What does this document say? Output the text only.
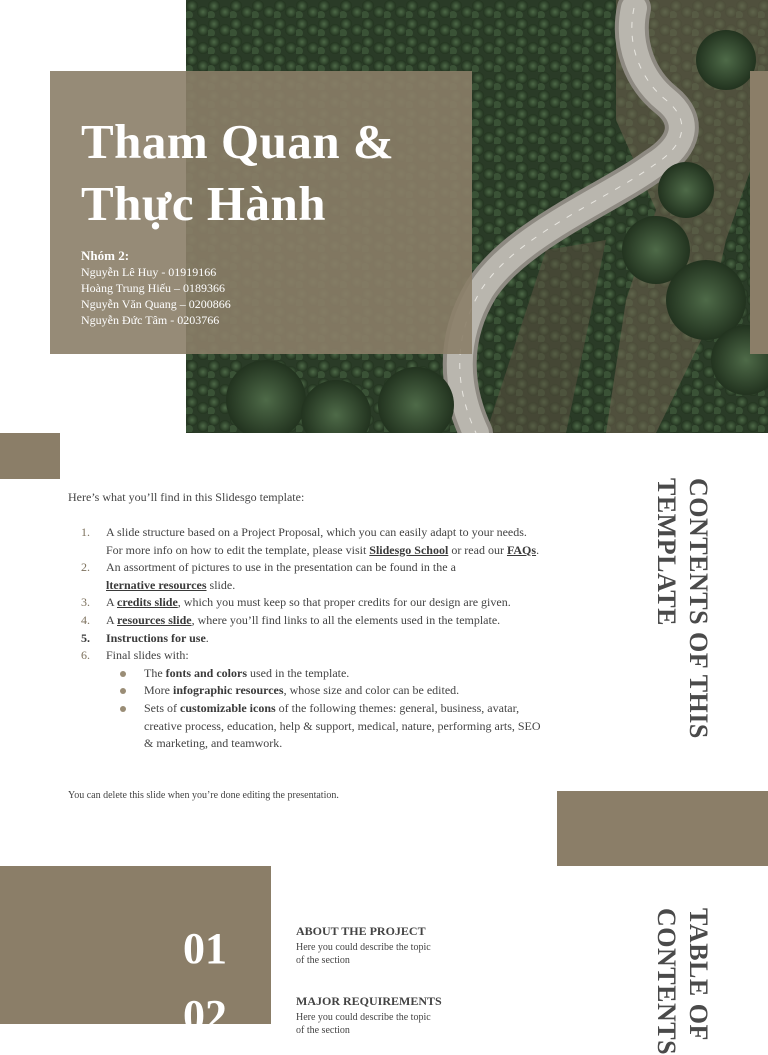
Tham Quan &
Thực Hành
Nhóm 2:
Nguyễn Lê Huy - 01919166
Hoàng Trung Hiếu – 0189366
Nguyễn Văn Quang – 0200866
Nguyễn Đức Tâm - 0203766
CONTENTS OF THIS
TEMPLATE
Here’s what you’ll find in this Slidesgo template:
1. A slide structure based on a Project Proposal, which you can easily adapt to your needs. For more info on how to edit the template, please visit Slidesgo School or read our FAQs.
2. An assortment of pictures to use in the presentation can be found in the a
lternative resources slide.
3. A credits slide, which you must keep so that proper credits for our design are given.
4. A resources slide, where you’ll find links to all the elements used in the template.
5. Instructions for use.
6. Final slides with:
The fonts and colors used in the template.
More infographic resources, whose size and color can be edited.
Sets of customizable icons of the following themes: general, business, avatar, creative process, education, help & support, medical, nature, performing arts, SEO & marketing, and teamwork.
You can delete this slide when you’re done editing the presentation.
01
02
ABOUT THE PROJECT
Here you could describe the topic
of the section
MAJOR REQUIREMENTS
Here you could describe the topic
of the section	TABLE OF
CONTENTS
